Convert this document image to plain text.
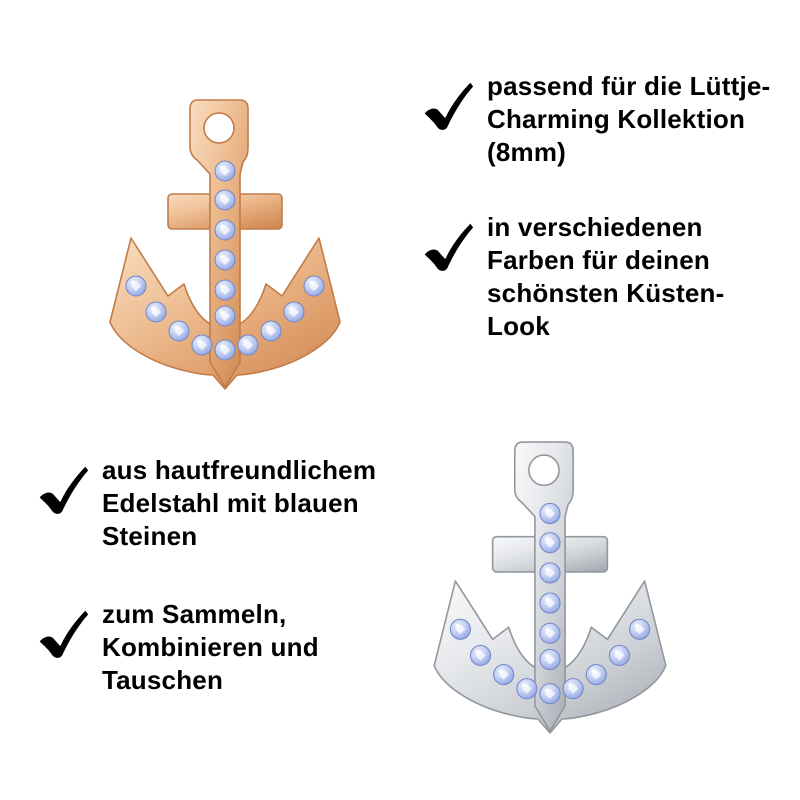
passend für die Lüttje-
Charming Kollektion
(8mm)
in verschiedenen
Farben für deinen
schönsten Küsten-
Look
aus hautfreundlichem
Edelstahl mit blauen
Steinen
zum Sammeln,
Kombinieren und
Tauschen
